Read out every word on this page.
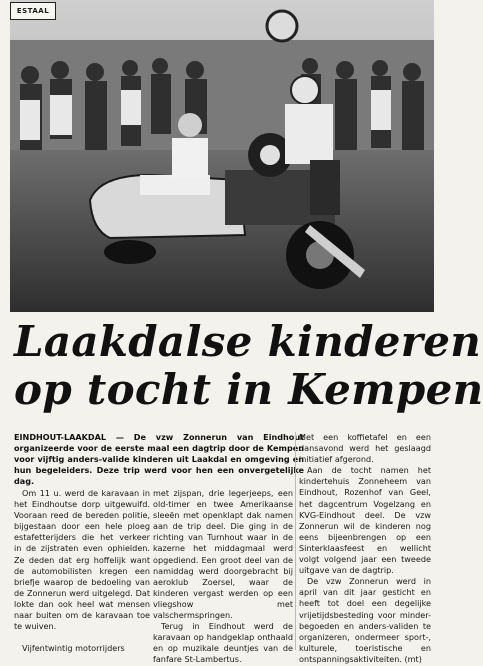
ESTAAL
Laakdalse kinderen
op tocht in Kempen
EINDHOUT-LAAKDAL — De vzw Zonnerun van Eindhout organizeerde voor de eerste maal een dagtrip door de Kempen voor vijftig anders-valide kinderen uit Laakdal en omgeving en hun begeleiders. Deze trip werd voor hen een onvergetelijke dag.

Om 11 u. werd de karavaan in het Eindhoutse dorp uitgewuifd. Vooraan reed de bereden politie, bijgestaan door een hele ploeg estafetterijders die het verkeer in de zijstraten even ophielden. Ze deden dat erg hoffelijk want de automobilisten kregen een briefje waarop de bedoeling van de Zonnerun werd uitgelegd. Dat lokte dan ook heel wat mensen naar buiten om de karavaan toe te wuiven.

Vijfentwintig motorrijders

met zijspan, drie legerjeeps, een old-timer en twee Amerikaanse sleeën met openklapt dak namen aan de trip deel. Die ging in de richting van Turnhout waar in de kazerne het middagmaal werd opgediend. Een groot deel van de namiddag werd doorgebracht bij aeroklub Zoersel, waar de kinderen vergast werden op een vliegshow met valschermspringen.

Terug in Eindhout werd de karavaan op handgeklap onthaald en op muzikale deuntjes van de fanfare St-Lambertus.

Met een koffietafel en een dansavond werd het geslaagd initiatief afgerond.

Aan de tocht namen het kindertehuis Zonneheem van Eindhout, Rozenhof van Geel, het dagcentrum Vogelzang en KVG-Eindhout deel. De vzw Zonnerun wil de kinderen nog eens bijeenbrengen op een Sinterklaasfeest en wellicht volgt volgend jaar een tweede uitgave van de dagtrip.

De vzw Zonnerun werd in april van dit jaar gesticht en heeft tot doel een degelijke vrijetijdsbesteding voor minder-begoeden en anders-validen te organizeren, ondermeer sport-, kulturele, toeristische en ontspanningsaktiviteiten. (mt)
